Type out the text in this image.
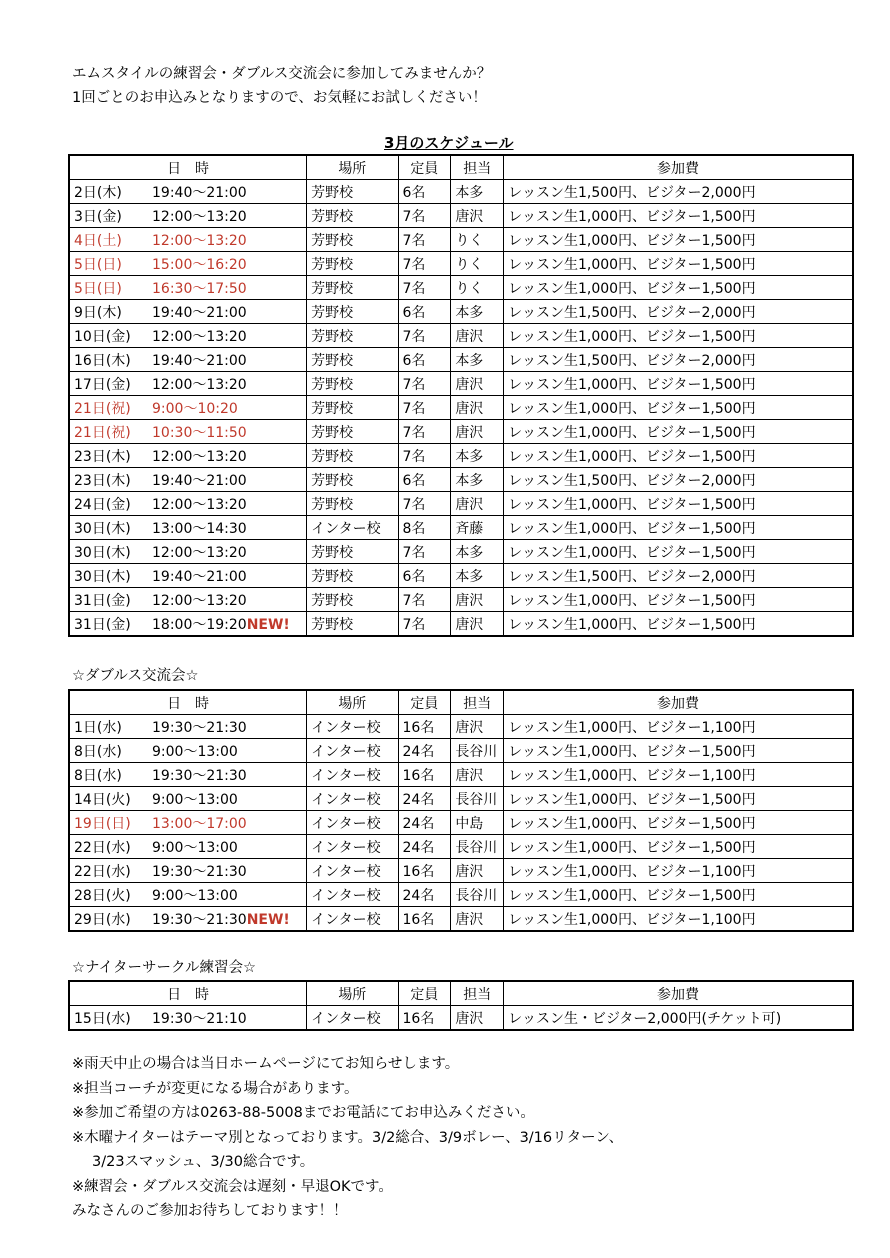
エムスタイルの練習会・ダブルス交流会に参加してみませんか？
1回ごとのお申込みとなりますので、お気軽にお試しください！
3月のスケジュール
日　時	場所	定員	担当	参加費
2日(木) 19:40～21:00	芳野校	6名	本多	レッスン生1,500円、ビジター2,000円
3日(金) 12:00～13:20	芳野校	7名	唐沢	レッスン生1,000円、ビジター1,500円
4日(土) 12:00～13:20	芳野校	7名	りく	レッスン生1,000円、ビジター1,500円
5日(日) 15:00～16:20	芳野校	7名	りく	レッスン生1,000円、ビジター1,500円
5日(日) 16:30～17:50	芳野校	7名	りく	レッスン生1,000円、ビジター1,500円
9日(木) 19:40～21:00	芳野校	6名	本多	レッスン生1,500円、ビジター2,000円
10日(金) 12:00～13:20	芳野校	7名	唐沢	レッスン生1,000円、ビジター1,500円
16日(木) 19:40～21:00	芳野校	6名	本多	レッスン生1,500円、ビジター2,000円
17日(金) 12:00～13:20	芳野校	7名	唐沢	レッスン生1,000円、ビジター1,500円
21日(祝) 9:00～10:20	芳野校	7名	唐沢	レッスン生1,000円、ビジター1,500円
21日(祝) 10:30～11:50	芳野校	7名	唐沢	レッスン生1,000円、ビジター1,500円
23日(木) 12:00～13:20	芳野校	7名	本多	レッスン生1,000円、ビジター1,500円
23日(木) 19:40～21:00	芳野校	6名	本多	レッスン生1,500円、ビジター2,000円
24日(金) 12:00～13:20	芳野校	7名	唐沢	レッスン生1,000円、ビジター1,500円
30日(木) 13:00～14:30	インター校	8名	斉藤	レッスン生1,000円、ビジター1,500円
30日(木) 12:00～13:20	芳野校	7名	本多	レッスン生1,000円、ビジター1,500円
30日(木) 19:40～21:00	芳野校	6名	本多	レッスン生1,500円、ビジター2,000円
31日(金) 12:00～13:20	芳野校	7名	唐沢	レッスン生1,000円、ビジター1,500円
31日(金) 18:00～19:20NEW!	芳野校	7名	唐沢	レッスン生1,000円、ビジター1,500円
☆ダブルス交流会☆
日　時	場所	定員	担当	参加費
1日(水) 19:30～21:30	インター校	16名	唐沢	レッスン生1,000円、ビジター1,100円
8日(水) 9:00～13:00	インター校	24名	長谷川	レッスン生1,000円、ビジター1,500円
8日(水) 19:30～21:30	インター校	16名	唐沢	レッスン生1,000円、ビジター1,100円
14日(火) 9:00～13:00	インター校	24名	長谷川	レッスン生1,000円、ビジター1,500円
19日(日) 13:00～17:00	インター校	24名	中島	レッスン生1,000円、ビジター1,500円
22日(水) 9:00～13:00	インター校	24名	長谷川	レッスン生1,000円、ビジター1,500円
22日(水) 19:30～21:30	インター校	16名	唐沢	レッスン生1,000円、ビジター1,100円
28日(火) 9:00～13:00	インター校	24名	長谷川	レッスン生1,000円、ビジター1,500円
29日(水) 19:30～21:30NEW!	インター校	16名	唐沢	レッスン生1,000円、ビジター1,100円
☆ナイターサークル練習会☆
日　時	場所	定員	担当	参加費
15日(水) 19:30～21:10	インター校	16名	唐沢	レッスン生・ビジター2,000円(チケット可)
※雨天中止の場合は当日ホームページにてお知らせします。
※担当コーチが変更になる場合があります。
※参加ご希望の方は0263-88-5008までお電話にてお申込みください。
※木曜ナイターはテーマ別となっております。3/2総合、3/9ボレー、3/16リターン、
3/23スマッシュ、3/30総合です。
※練習会・ダブルス交流会は遅刻・早退OKです。
みなさんのご参加お待ちしております！！
